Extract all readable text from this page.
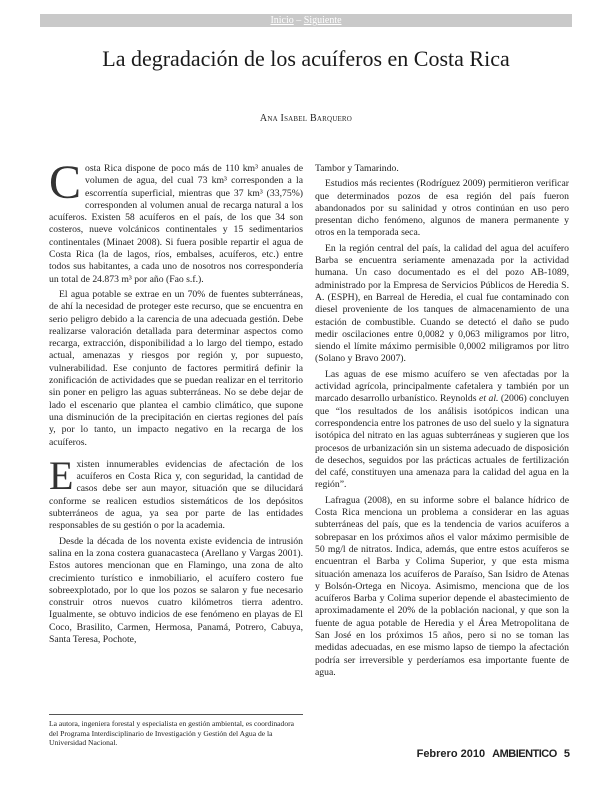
Inicio – Siguiente
La degradación de los acuíferos en Costa Rica
Ana Isabel Barquero

Costa Rica dispone de poco más de 110 km³ anuales de volumen de agua, del cual 73 km³ corresponden a la escorrentía superficial, mientras que 37 km³ (33,75%) corresponden al volumen anual de recarga natural a los acuíferos. Existen 58 acuíferos en el país, de los que 34 son costeros, nueve volcánicos continentales y 15 sedimentarios continentales (Minaet 2008). Si fuera posible repartir el agua de Costa Rica (la de lagos, ríos, embalses, acuíferos, etc.) entre todos sus habitantes, a cada uno de nosotros nos correspondería un total de 24.873 m³ por año (Fao s.f.).

El agua potable se extrae en un 70% de fuentes subterráneas, de ahí la necesidad de proteger este recurso, que se encuentra en serio peligro debido a la carencia de una adecuada gestión. Debe realizarse valoración detallada para determinar aspectos como recarga, extracción, disponibilidad a lo largo del tiempo, estado actual, amenazas y riesgos por región y, por supuesto, vulnerabilidad. Ese conjunto de factores permitirá definir la zonificación de actividades que se puedan realizar en el territorio sin poner en peligro las aguas subterráneas. No se debe dejar de lado el escenario que plantea el cambio climático, que supone una disminución de la precipitación en ciertas regiones del país y, por lo tanto, un impacto negativo en la recarga de los acuíferos.

Existen innumerables evidencias de afectación de los acuíferos en Costa Rica y, con seguridad, la cantidad de casos debe ser aun mayor, situación que se dilucidará conforme se realicen estudios sistemáticos de los depósitos subterráneos de agua, ya sea por parte de las entidades responsables de su gestión o por la academia.

Desde la década de los noventa existe evidencia de intrusión salina en la zona costera guanacasteca (Arellano y Vargas 2001). Estos autores mencionan que en Flamingo, una zona de alto crecimiento turístico e inmobiliario, el acuífero costero fue sobreexplotado, por lo que los pozos se salaron y fue necesario construir otros nuevos cuatro kilómetros tierra adentro. Igualmente, se obtuvo indicios de ese fenómeno en playas de El Coco, Brasilito, Carmen, Hermosa, Panamá, Potrero, Cabuya, Santa Teresa, Pochote,

Tambor y Tamarindo.

Estudios más recientes (Rodríguez 2009) permitieron verificar que determinados pozos de esa región del país fueron abandonados por su salinidad y otros continúan en uso pero presentan dicho fenómeno, algunos de manera permanente y otros en la temporada seca.

En la región central del país, la calidad del agua del acuífero Barba se encuentra seriamente amenazada por la actividad humana. Un caso documentado es el del pozo AB-1089, administrado por la Empresa de Servicios Públicos de Heredia S. A. (ESPH), en Barreal de Heredia, el cual fue contaminado con diesel proveniente de los tanques de almacenamiento de una estación de combustible. Cuando se detectó el daño se pudo medir oscilaciones entre 0,0082 y 0,063 miligramos por litro, siendo el límite máximo permisible 0,0002 miligramos por litro (Solano y Bravo 2007).

Las aguas de ese mismo acuífero se ven afectadas por la actividad agrícola, principalmente cafetalera y también por un marcado desarrollo urbanístico. Reynolds et al. (2006) concluyen que “los resultados de los análisis isotópicos indican una correspondencia entre los patrones de uso del suelo y la signatura isotópica del nitrato en las aguas subterráneas y sugieren que los procesos de urbanización sin un sistema adecuado de disposición de desechos, seguidos por las prácticas actuales de fertilización del café, constituyen una amenaza para la calidad del agua en la región”.

Lafragua (2008), en su informe sobre el balance hídrico de Costa Rica menciona un problema a considerar en las aguas subterráneas del país, que es la tendencia de varios acuíferos a sobrepasar en los próximos años el valor máximo permisible de 50 mg/l de nitratos. Indica, además, que entre estos acuíferos se encuentran el Barba y Colima Superior, y que esta misma situación amenaza los acuíferos de Paraíso, San Isidro de Atenas y Bolsón-Ortega en Nicoya. Asimismo, menciona que de los acuíferos Barba y Colima superior depende el abastecimiento de aproximadamente el 20% de la población nacional, y que son la fuente de agua potable de Heredia y el Área Metropolitana de San José en los próximos 15 años, pero si no se toman las medidas adecuadas, en ese mismo lapso de tiempo la afectación podría ser irreversible y perderíamos esa importante fuente de agua.

La autora, ingeniera forestal y especialista en gestión ambiental, es coordinadora del Programa Interdisciplinario de Investigación y Gestión del Agua de la Universidad Nacional.
Febrero 2010 AMBIENTICO 5
